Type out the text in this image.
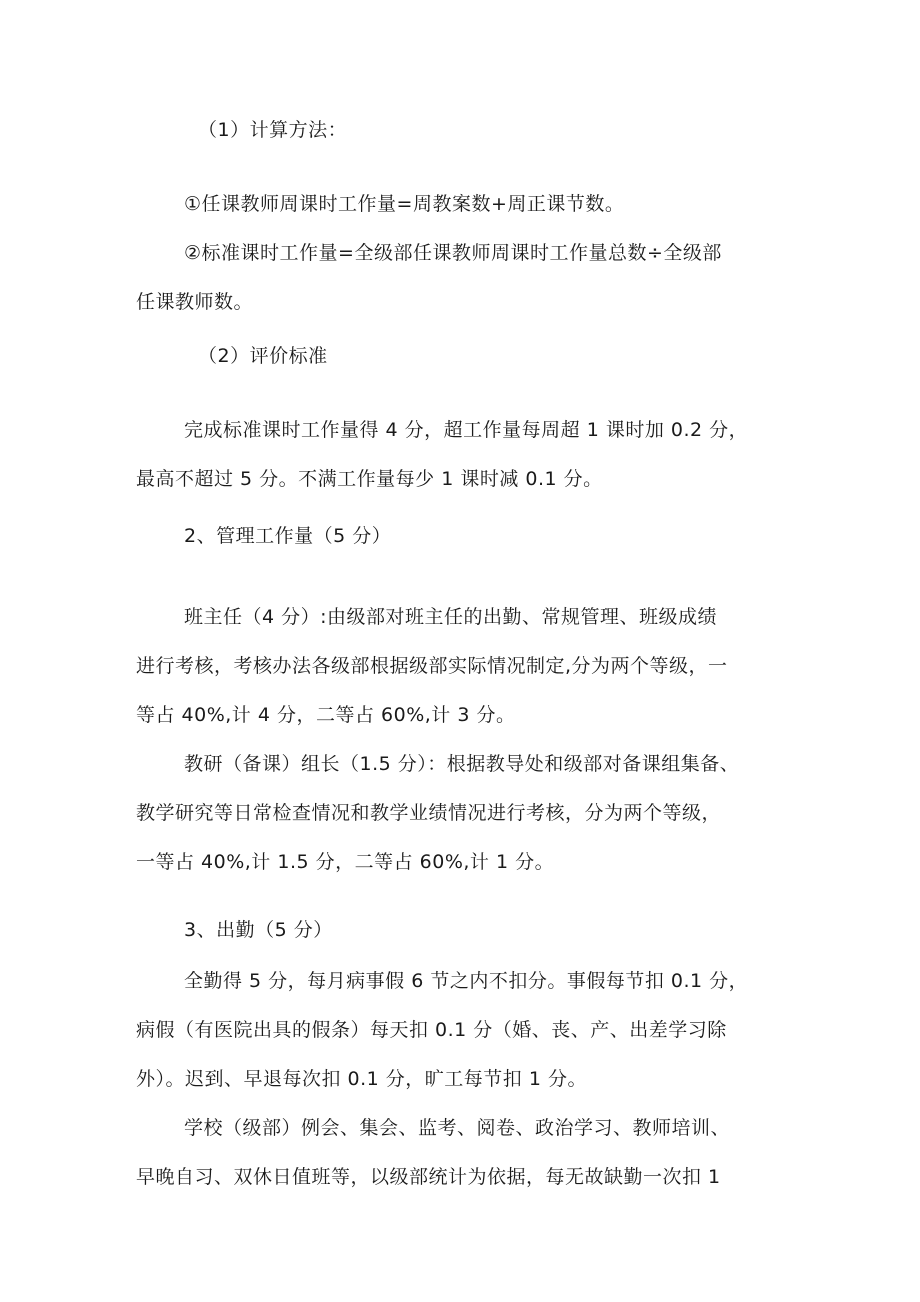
（1）计算方法：
①任课教师周课时工作量=周教案数+周正课节数。
②标准课时工作量=全级部任课教师周课时工作量总数÷全级部
任课教师数。
（2）评价标准
完成标准课时工作量得 4 分，超工作量每周超 1 课时加 0.2 分，
最高不超过 5 分。不满工作量每少 1 课时减 0.1 分。
2、管理工作量（5 分）
班主任（4 分）:由级部对班主任的出勤、常规管理、班级成绩
进行考核，考核办法各级部根据级部实际情况制定,分为两个等级，一
等占 40%,计 4 分，二等占 60%,计 3 分。
教研（备课）组长（1.5 分）：根据教导处和级部对备课组集备、
教学研究等日常检查情况和教学业绩情况进行考核，分为两个等级，
一等占 40%,计 1.5 分，二等占 60%,计 1 分。
3、出勤（5 分）
全勤得 5 分，每月病事假 6 节之内不扣分。事假每节扣 0.1 分，
病假（有医院出具的假条）每天扣 0.1 分（婚、丧、产、出差学习除
外）。迟到、早退每次扣 0.1 分，旷工每节扣 1 分。
学校（级部）例会、集会、监考、阅卷、政治学习、教师培训、
早晚自习、双休日值班等，以级部统计为依据，每无故缺勤一次扣 1
